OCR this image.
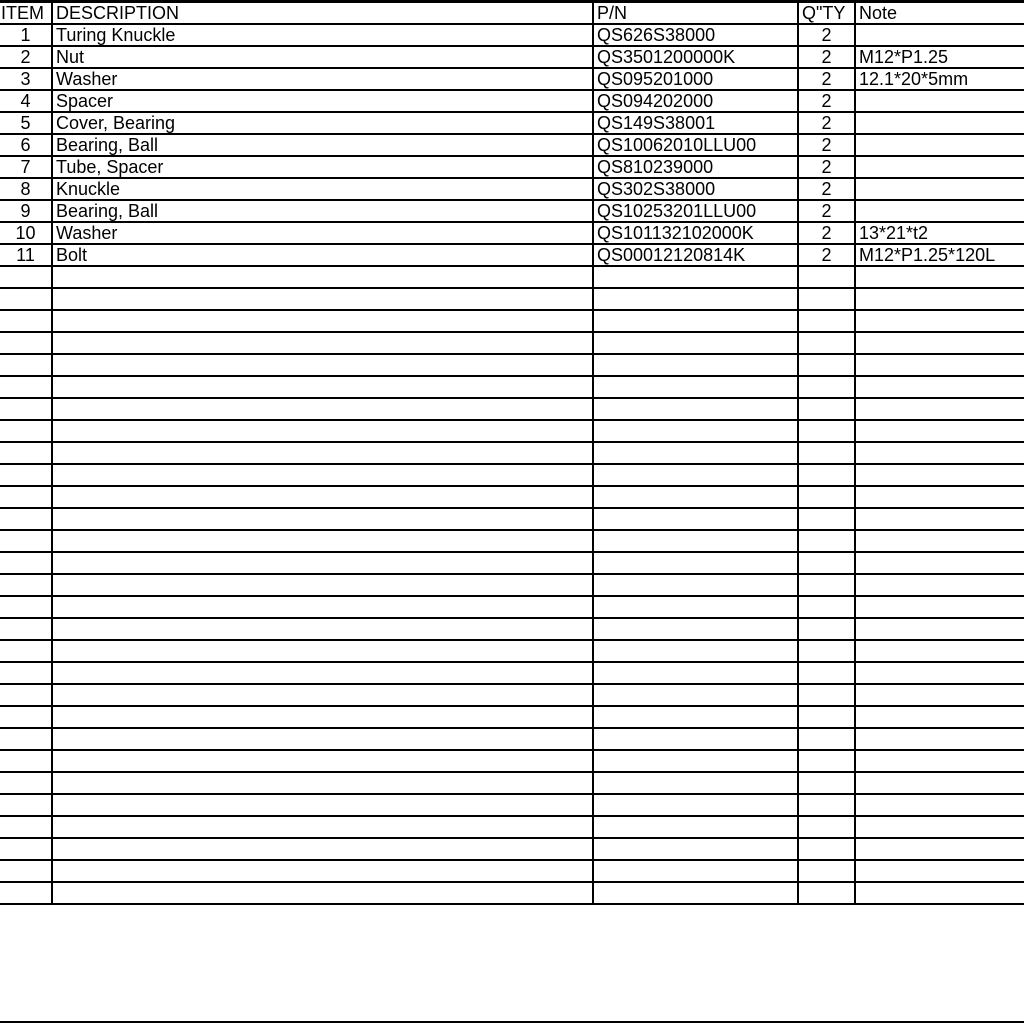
ITEM	DESCRIPTION	P/N	Q"TY	Note
1	Turing Knuckle	QS626S38000	2	
2	Nut	QS3501200000K	2	M12*P1.25
3	Washer	QS095201000	2	12.1*20*5mm
4	Spacer	QS094202000	2	
5	Cover, Bearing	QS149S38001	2	
6	Bearing, Ball	QS10062010LLU00	2	
7	Tube, Spacer	QS810239000	2	
8	Knuckle	QS302S38000	2	
9	Bearing, Ball	QS10253201LLU00	2	
10	Washer	QS101132102000K	2	13*21*t2
11	Bolt	QS00012120814K	2	M12*P1.25*120L
